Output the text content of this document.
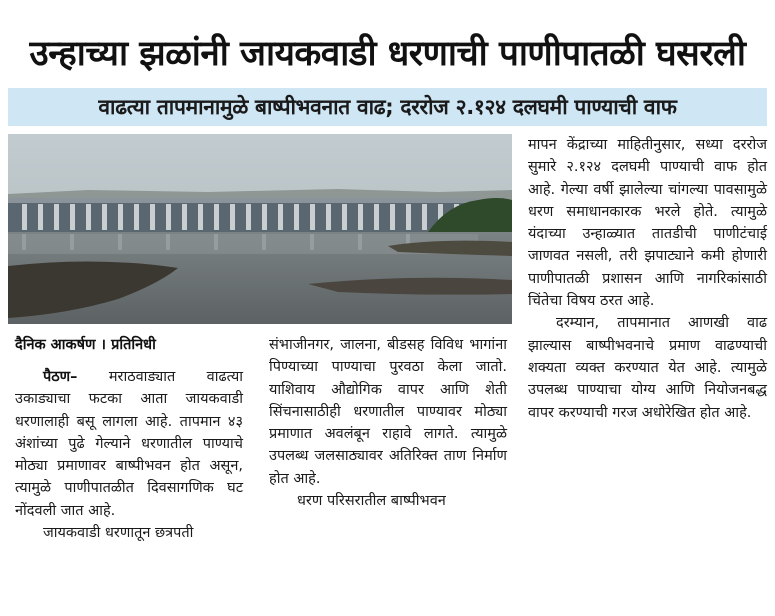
उन्हाच्या झळांनी जायकवाडी धरणाची पाणीपातळी घसरली
वाढत्या तापमानामुळे बाष्पीभवनात वाढ; दररोज २.१२४ दलघमी पाण्याची वाफ

दैनिक आकर्षण । प्रतिनिधी

पैठण– मराठवाड्यात वाढत्या उकाड्याचा फटका आता जायकवाडी धरणालाही बसू लागला आहे. तापमान ४३ अंशांच्या पुढे गेल्याने धरणातील पाण्याचे मोठ्या प्रमाणावर बाष्पीभवन होत असून, त्यामुळे पाणीपातळीत दिवसागणिक घट नोंदवली जात आहे.

जायकवाडी धरणातून छत्रपती

संभाजीनगर, जालना, बीडसह विविध भागांना पिण्याच्या पाण्याचा पुरवठा केला जातो. याशिवाय औद्योगिक वापर आणि शेती सिंचनासाठीही धरणातील पाण्यावर मोठ्या प्रमाणात अवलंबून राहावे लागते. त्यामुळे उपलब्ध जलसाठ्यावर अतिरिक्त ताण निर्माण होत आहे.

धरण परिसरातील बाष्पीभवन

मापन केंद्राच्या माहितीनुसार, सध्या दररोज सुमारे २.१२४ दलघमी पाण्याची वाफ होत आहे. गेल्या वर्षी झालेल्या चांगल्या पावसामुळे धरण समाधानकारक भरले होते. त्यामुळे यंदाच्या उन्हाळ्यात तातडीची पाणीटंचाई जाणवत नसली, तरी झपाट्याने कमी होणारी पाणीपातळी प्रशासन आणि नागरिकांसाठी चिंतेचा विषय ठरत आहे.

दरम्यान, तापमानात आणखी वाढ झाल्यास बाष्पीभवनाचे प्रमाण वाढण्याची शक्यता व्यक्त करण्यात येत आहे. त्यामुळे उपलब्ध पाण्याचा योग्य आणि नियोजनबद्ध वापर करण्याची गरज अधोरेखित होत आहे.
